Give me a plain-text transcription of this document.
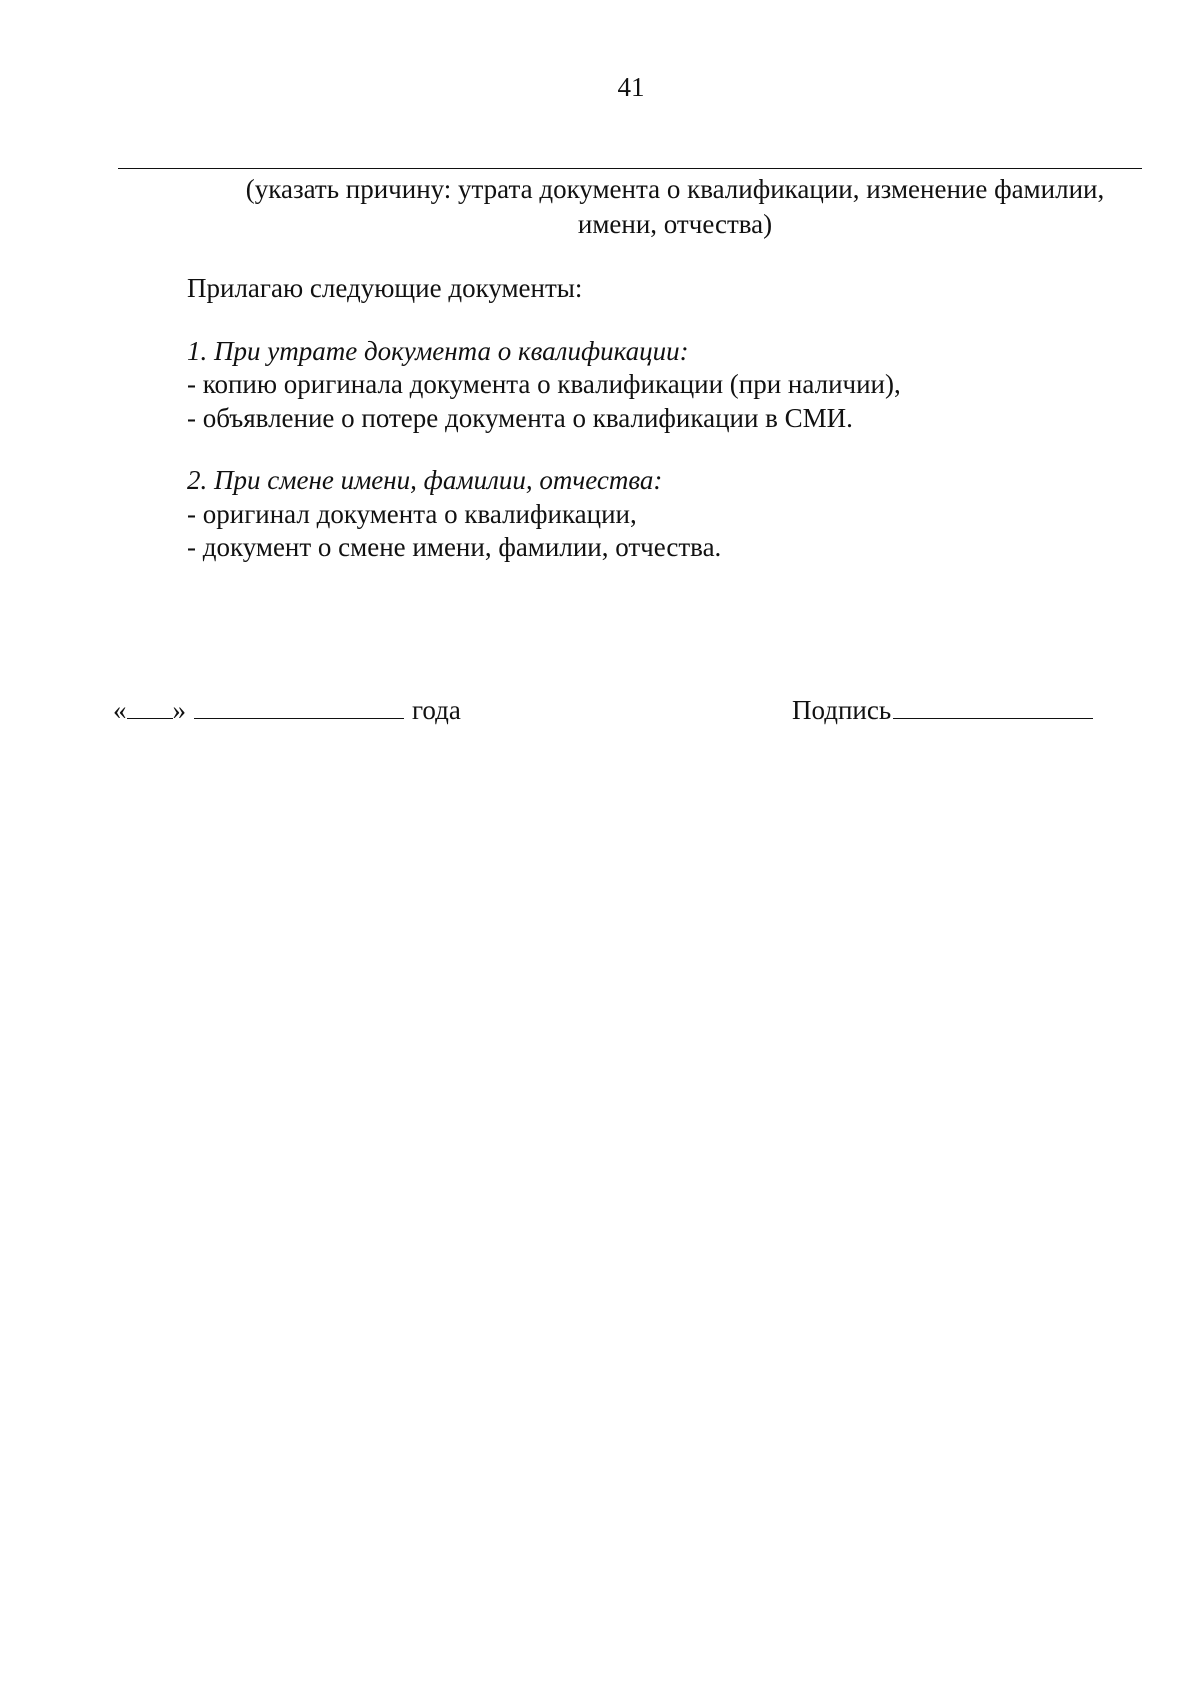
41
(указать причину: утрата документа о квалификации, изменение фамилии, имени, отчества)
Прилагаю следующие документы:
1. При утрате документа о квалификации:
- копию оригинала документа о квалификации (при наличии),
- объявление о потере документа о квалификации в СМИ.
2. При смене имени, фамилии, отчества:
- оригинал документа о квалификации,
- документ о смене имени, фамилии, отчества.
« »	года	Подпись
